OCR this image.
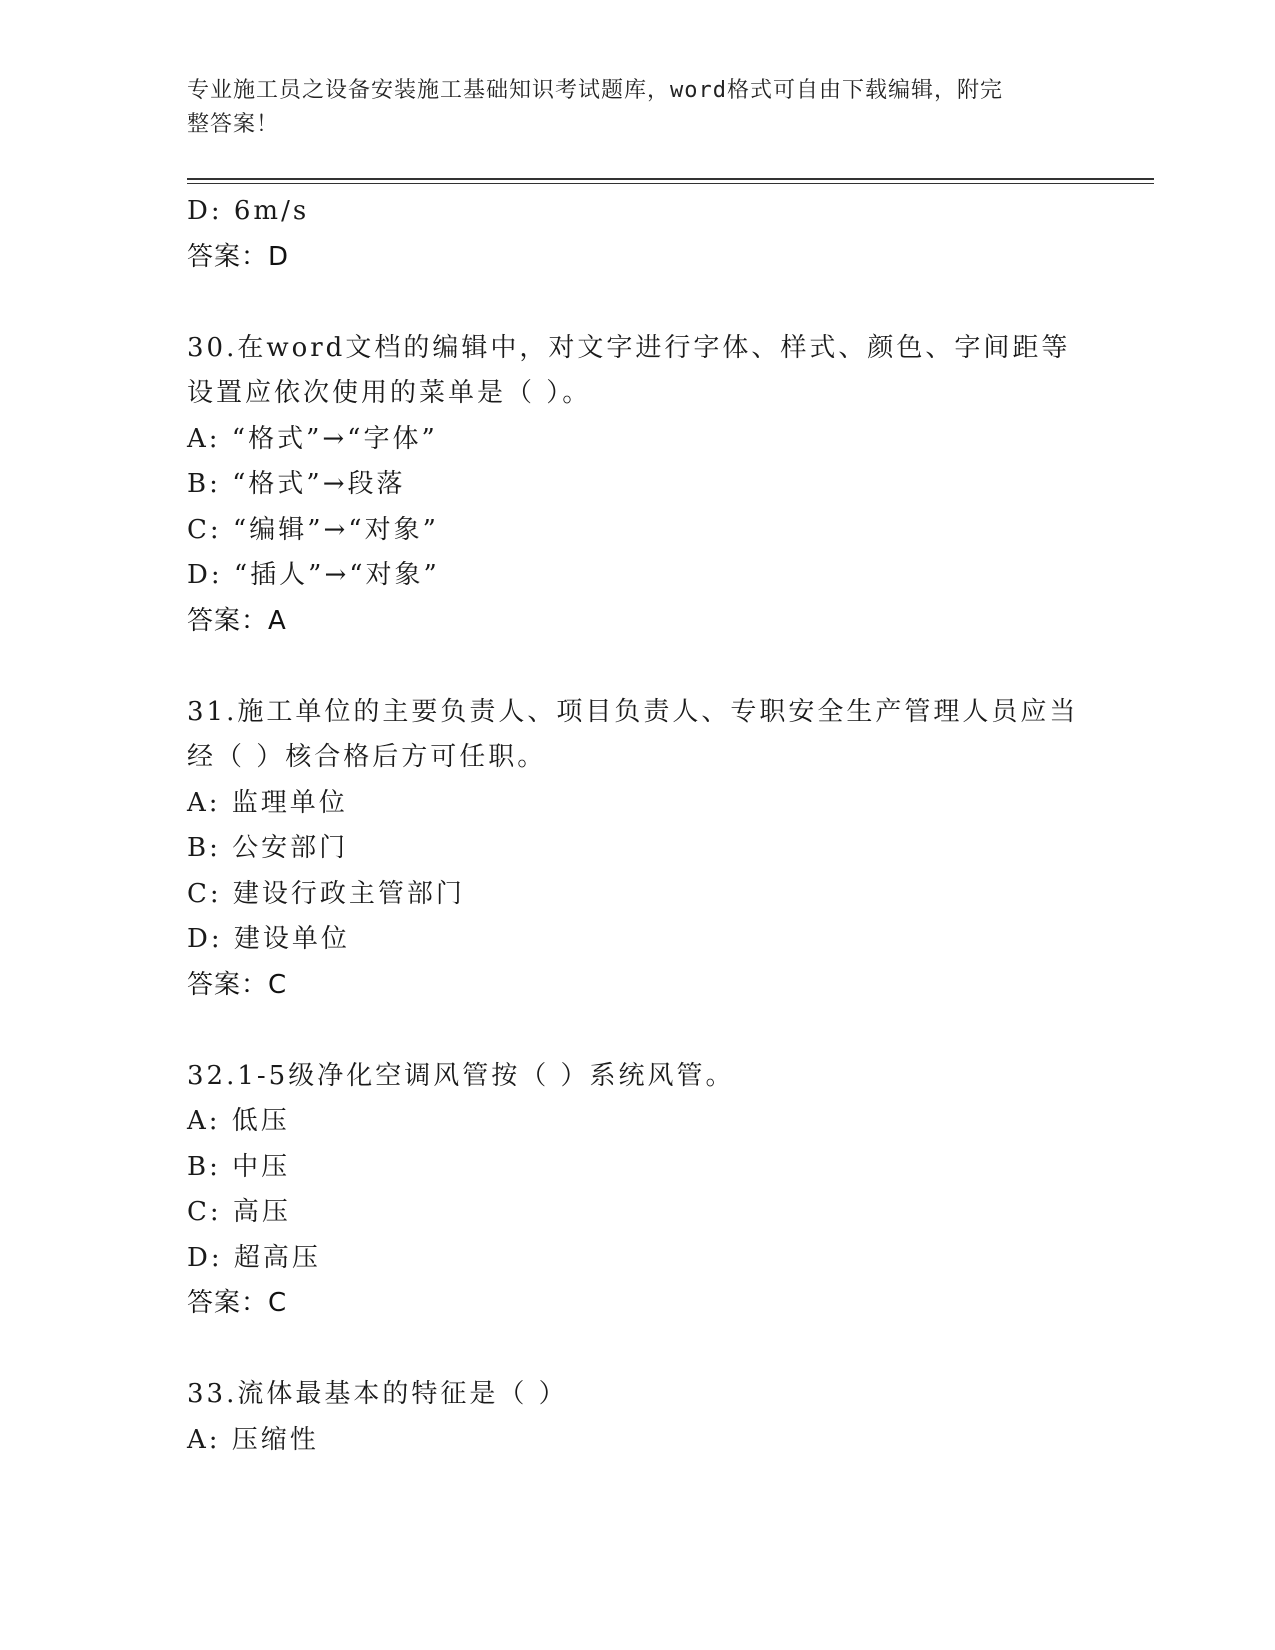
专业施工员之设备安装施工基础知识考试题库，word格式可自由下载编辑，附完
整答案！
D: 6m/s
答案：D
30.在word文档的编辑中，对文字进行字体、样式、颜色、字间距等
设置应依次使用的菜单是（ ）。
A: “格式”→“字体”
B: “格式”→段落
C: “编辑”→“对象”
D: “插人”→“对象”
答案：A
31.施工单位的主要负责人、项目负责人、专职安全生产管理人员应当
经（ ）核合格后方可任职。
A: 监理单位
B: 公安部门
C: 建设行政主管部门
D: 建设单位
答案：C
32.1-5级净化空调风管按（ ）系统风管。
A: 低压
B: 中压
C: 高压
D: 超高压
答案：C
33.流体最基本的特征是（ ）
A: 压缩性
